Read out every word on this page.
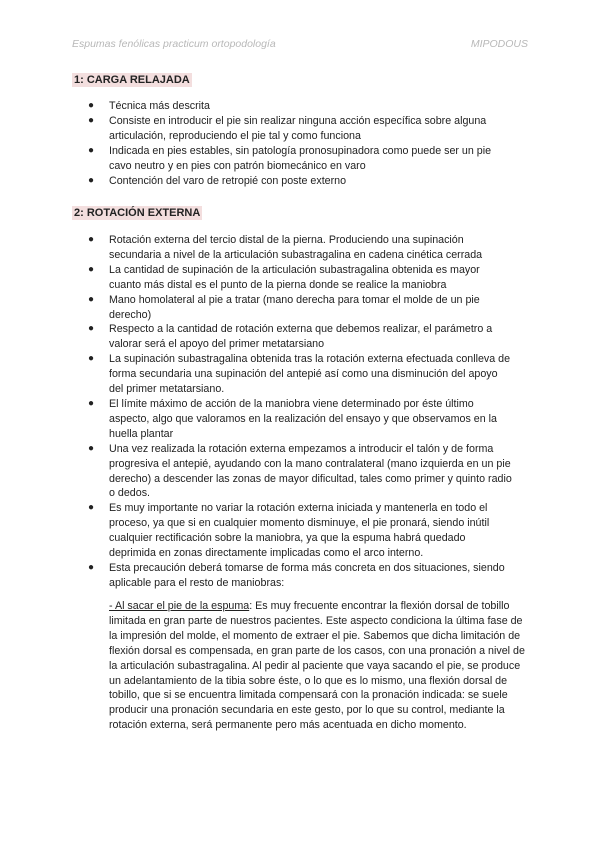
Espumas fenólicas practicum ortopodología	MIPODOUS
1: CARGA RELAJADA
● Técnica más descrita
● Consiste en introducir el pie sin realizar ninguna acción específica sobre alguna articulación, reproduciendo el pie tal y como funciona
● Indicada en pies estables, sin patología pronosupinadora como puede ser un pie cavo neutro y en pies con patrón biomecánico en varo
● Contención del varo de retropié con poste externo
2: ROTACIÓN EXTERNA
● Rotación externa del tercio distal de la pierna. Produciendo una supinación secundaria a nivel de la articulación subastragalina en cadena cinética cerrada
● La cantidad de supinación de la articulación subastragalina obtenida es mayor cuanto más distal es el punto de la pierna donde se realice la maniobra
● Mano homolateral al pie a tratar (mano derecha para tomar el molde de un pie derecho)
● Respecto a la cantidad de rotación externa que debemos realizar, el parámetro a valorar será el apoyo del primer metatarsiano
● La supinación subastragalina obtenida tras la rotación externa efectuada conlleva de forma secundaria una supinación del antepié así como una disminución del apoyo del primer metatarsiano.
● El límite máximo de acción de la maniobra viene determinado por éste último aspecto, algo que valoramos en la realización del ensayo y que observamos en la huella plantar
● Una vez realizada la rotación externa empezamos a introducir el talón y de forma progresiva el antepié, ayudando con la mano contralateral (mano izquierda en un pie derecho) a descender las zonas de mayor dificultad, tales como primer y quinto radio o dedos.
● Es muy importante no variar la rotación externa iniciada y mantenerla en todo el proceso, ya que si en cualquier momento disminuye, el pie pronará, siendo inútil cualquier rectificación sobre la maniobra, ya que la espuma habrá quedado deprimida en zonas directamente implicadas como el arco interno.
● Esta precaución deberá tomarse de forma más concreta en dos situaciones, siendo aplicable para el resto de maniobras:

- Al sacar el pie de la espuma: Es muy frecuente encontrar la flexión dorsal de tobillo limitada en gran parte de nuestros pacientes. Este aspecto condiciona la última fase de la impresión del molde, el momento de extraer el pie. Sabemos que dicha limitación de flexión dorsal es compensada, en gran parte de los casos, con una pronación a nivel de la articulación subastragalina. Al pedir al paciente que vaya sacando el pie, se produce un adelantamiento de la tibia sobre éste, o lo que es lo mismo, una flexión dorsal de tobillo, que si se encuentra limitada compensará con la pronación indicada: se suele producir una pronación secundaria en este gesto, por lo que su control, mediante la rotación externa, será permanente pero más acentuada en dicho momento.
